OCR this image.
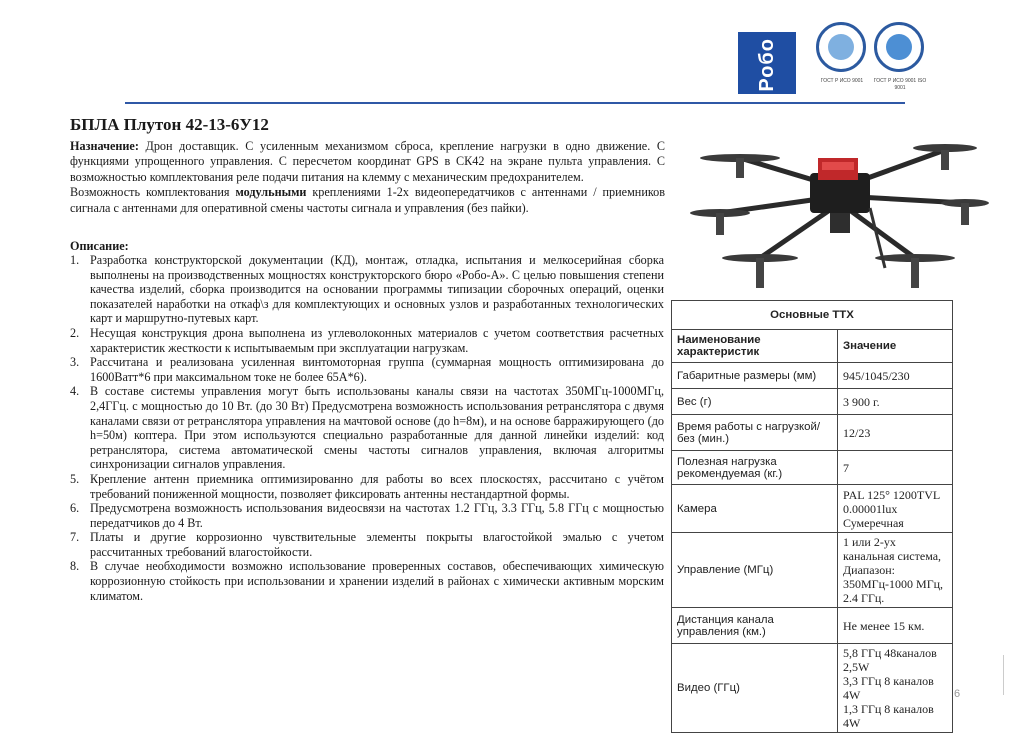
Робо	ГОСТ Р ИСО 9001	ГОСТ Р ИСО 9001 ISO 9001
БПЛА Плутон 42-13-6У12

Назначение: Дрон доставщик. С усиленным механизмом сброса, крепление нагрузки в одно движение. С функциями упрощенного управления. С пересчетом координат GPS в СК42 на экране пульта управления. С возможностью комплектования реле подачи питания на клемму с механическим предохранителем.

Возможность комплектования модульными креплениями 1-2х видеопередатчиков с антеннами / приемников сигнала с антеннами для оперативной смены частоты сигнала и управления (без пайки).

Описание:
1. Разработка конструкторской документации (КД), монтаж, отладка, испытания и мелкосерийная сборка выполнены на производственных мощностях конструкторского бюро «Робо-А». С целью повышения степени качества изделий, сборка производится на основании программы типизации сборочных операций, оценки показателей наработки на откаф\з для комплектующих и основных узлов и разработанных технологических карт и маршрутно-путевых карт.
2. Несущая конструкция дрона выполнена из углеволоконных материалов с учетом соответствия расчетных характеристик жесткости к испытываемым при эксплуатации нагрузкам.
3. Рассчитана и реализована усиленная винтомоторная группа (суммарная мощность оптимизирована до 1600Ватт*6 при максимальном токе не более 65А*6).
4. В составе системы управления могут быть использованы каналы связи на частотах 350МГц-1000МГц, 2,4ГГц. с мощностью до 10 Вт. (до 30 Вт) Предусмотрена возможность использования ретранслятора с двумя каналами связи от ретранслятора управления на мачтовой основе (до h=8м), и на основе барражирующего (до h=50м) коптера. При этом используются специально разработанные для данной линейки изделий: код ретранслятора, система автоматической смены частоты сигналов управления, включая алгоритмы синхронизации сигналов управления.
5. Крепление антенн приемника оптимизированно для работы во всех плоскостях, рассчитано с учётом требований пониженной мощности, позволяет фиксировать антенны нестандартной формы.
6. Предусмотрена возможность использования видеосвязи на частотах 1.2 ГГц, 3.3 ГГц, 5.8 ГГц с мощностью передатчиков до 4 Вт.
7. Платы и другие коррозионно чувствительные элементы покрыты влагостойкой эмалью с учетом рассчитанных требований влагостойкости.
8. В случае необходимости возможно использование проверенных составов, обеспечивающих химическую коррозионную стойкость при использовании и хранении изделий в районах с химически активным морским климатом.
Основные ТТХ	
Наименование характеристик	Значение
Габаритные размеры (мм)	945/1045/230
Вес (г)	3 900 г.
Время работы с нагрузкой/без (мин.)	12/23
Полезная нагрузка рекомендуемая (кг.)	7
Камера	PAL 125° 1200TVL
0.00001lux
Сумеречная
Управление (МГц)	1 или 2-ух канальная система,
Диапазон: 350МГц-1000 МГц, 2.4 ГГц.
Дистанция канала управления (км.)	Не менее 15 км.
Видео (ГГц)	5,8 ГГц 48каналов 2,5W
3,3 ГГц 8 каналов 4W
1,3 ГГц 8 каналов 4W
6
